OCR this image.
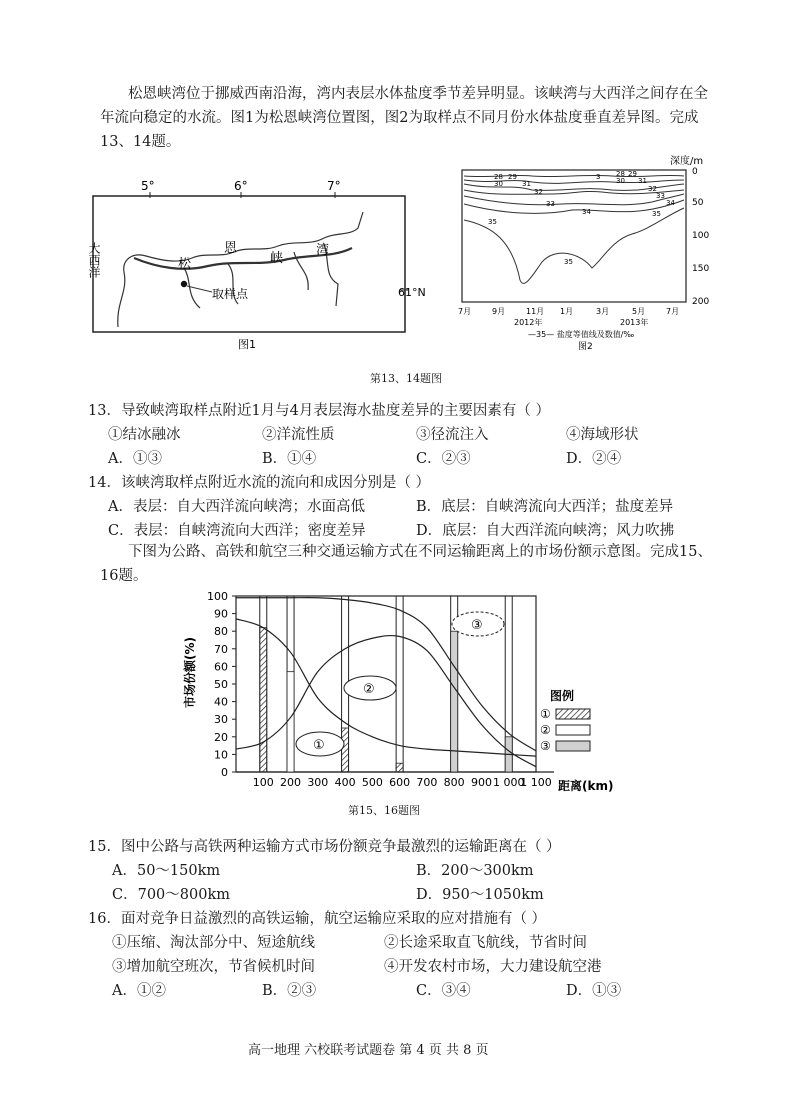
松恩峡湾位于挪威西南沿海，湾内表层水体盐度季节差异明显。该峡湾与大西洋之间存在全年流向稳定的水流。图1为松恩峡湾位置图，图2为取样点不同月份水体盐度垂直差异图。完成13、14题。
5°	6°	7°
61°N
大西洋	松
恩
峡
湾
取样点
图1
深度/m
0
50
100
150
200
28 29
30	31
32
33
34
35
35
3 28 29
30 31
32
33
34
35
7月	9月	11月 1月	3月	5月	7月
2012年	2013年
—35— 盐度等值线及数值/‰
图2
第13、14题图
13．导致峡湾取样点附近1月与4月表层海水盐度差异的主要因素有（ ）
①结冰融冰	②洋流性质	③径流注入	④海域形状
A．①③	B．①④	C．②③	D．②④
14．该峡湾取样点附近水流的流向和成因分别是（ ）
A．表层：自大西洋流向峡湾；水面高低	B．底层：自峡湾流向大西洋；盐度差异
C．表层：自峡湾流向大西洋；密度差异	D．底层：自大西洋流向峡湾；风力吹拂
下图为公路、高铁和航空三种交通运输方式在不同运输距离上的市场份额示意图。完成15、16题。
100
90
80
70
60
50
40
30
20
10
0
100 200 300 400 500 600 700 800 900 1 000
1 100
市场份额(%)
距离(km)
①
②
③
图例
①
②
③
第15、16题图
15．图中公路与高铁两种运输方式市场份额竞争最激烈的运输距离在（ ）
A．50～150km	B．200～300km
C．700～800km	D．950～1050km
16．面对竞争日益激烈的高铁运输，航空运输应采取的应对措施有（ ）
①压缩、淘汰部分中、短途航线	②长途采取直飞航线，节省时间
③增加航空班次，节省候机时间	④开发农村市场，大力建设航空港
A．①②	B．②③	C．③④	D．①③
高一地理 六校联考试题卷 第 4 页 共 8 页
